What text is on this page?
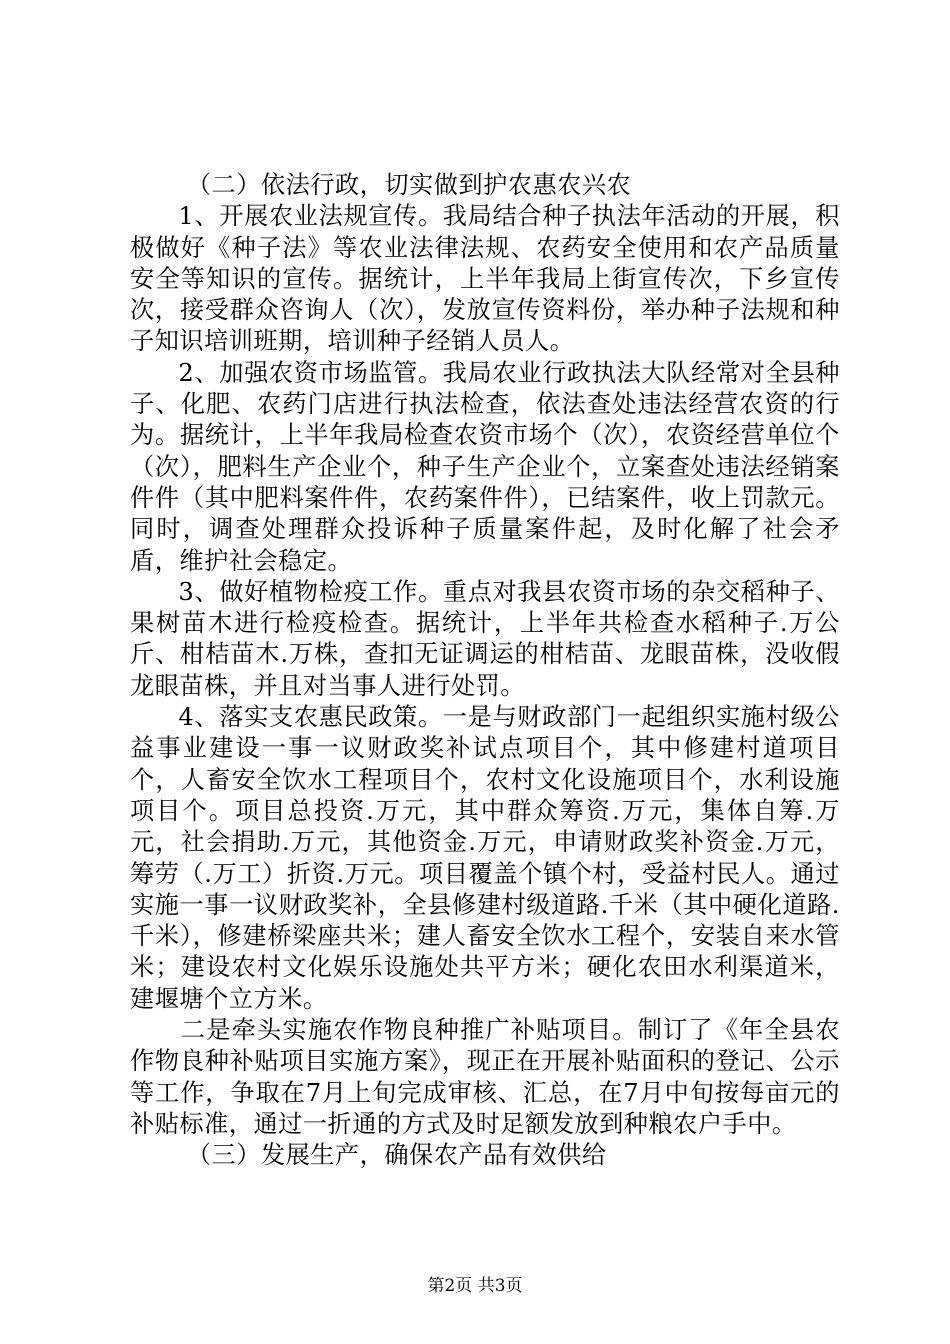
（二）依法行政，切实做到护农惠农兴农

1、开展农业法规宣传。我局结合种子执法年活动的开展，积极做好《种子法》等农业法律法规、农药安全使用和农产品质量安全等知识的宣传。据统计，上半年我局上街宣传次，下乡宣传次，接受群众咨询人（次），发放宣传资料份，举办种子法规和种子知识培训班期，培训种子经销人员人。

2、加强农资市场监管。我局农业行政执法大队经常对全县种子、化肥、农药门店进行执法检查，依法查处违法经营农资的行为。据统计，上半年我局检查农资市场个（次），农资经营单位个（次），肥料生产企业个，种子生产企业个，立案查处违法经销案件件（其中肥料案件件，农药案件件），已结案件，收上罚款元。同时，调查处理群众投诉种子质量案件起，及时化解了社会矛盾，维护社会稳定。

3、做好植物检疫工作。重点对我县农资市场的杂交稻种子、果树苗木进行检疫检查。据统计，上半年共检查水稻种子.万公斤、柑桔苗木.万株，查扣无证调运的柑桔苗、龙眼苗株，没收假龙眼苗株，并且对当事人进行处罚。

4、落实支农惠民政策。一是与财政部门一起组织实施村级公益事业建设一事一议财政奖补试点项目个，其中修建村道项目个，人畜安全饮水工程项目个，农村文化设施项目个，水利设施项目个。项目总投资.万元，其中群众筹资.万元，集体自筹.万元，社会捐助.万元，其他资金.万元，申请财政奖补资金.万元，筹劳（.万工）折资.万元。项目覆盖个镇个村，受益村民人。通过实施一事一议财政奖补，全县修建村级道路.千米（其中硬化道路.千米），修建桥梁座共米；建人畜安全饮水工程个，安装自来水管米；建设农村文化娱乐设施处共平方米；硬化农田水利渠道米，建堰塘个立方米。

二是牵头实施农作物良种推广补贴项目。制订了《年全县农作物良种补贴项目实施方案》，现正在开展补贴面积的登记、公示等工作，争取在7月上旬完成审核、汇总，在7月中旬按每亩元的补贴标准，通过一折通的方式及时足额发放到种粮农户手中。

（三）发展生产，确保农产品有效供给

第2页 共3页
